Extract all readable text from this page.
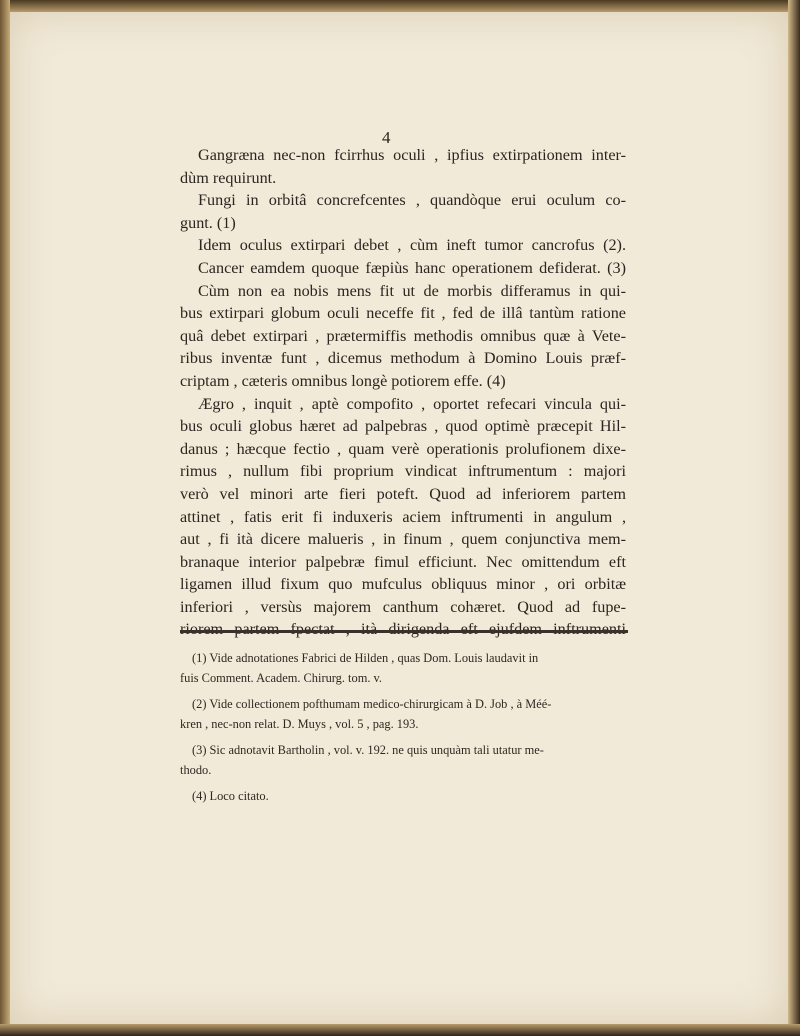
4
Gangræna nec-non fcirrhus oculi , ipfius extirpationem inter-
dùm requirunt.
Fungi in orbitâ concrefcentes , quandòque erui oculum co-
gunt. (1)
Idem oculus extirpari debet , cùm ineft tumor cancrofus (2).
Cancer eamdem quoque fæpiùs hanc operationem defiderat. (3)
Cùm non ea nobis mens fit ut de morbis differamus in qui-
bus extirpari globum oculi neceffe fit , fed de illâ tantùm ratione
quâ debet extirpari , prætermiffis methodis omnibus quæ à Vete-
ribus inventæ funt , dicemus methodum à Domino Louis præf-
criptam , cæteris omnibus longè potiorem effe. (4)
Ægro , inquit , aptè compofito , oportet refecari vincula qui-
bus oculi globus hæret ad palpebras , quod optimè præcepit Hil-
danus ; hæcque fectio , quam verè operationis prolufionem dixe-
rimus , nullum fibi proprium vindicat inftrumentum : majori
verò vel minori arte fieri poteft. Quod ad inferiorem partem
attinet , fatis erit fi induxeris aciem inftrumenti in angulum ,
aut , fi ità dicere malueris , in finum , quem conjunctiva mem-
branaque interior palpebræ fimul efficiunt. Nec omittendum eft
ligamen illud fixum quo mufculus obliquus minor , ori orbitæ
inferiori , versùs majorem canthum cohæret. Quod ad fupe-
(1) Vide adnotationes Fabrici de Hilden , quas Dom. Louis laudavit in
fuis Comment. Academ. Chirurg. tom. v.
(2) Vide collectionem pofthumam medico-chirurgicam à D. Job , à Méé-
kren , nec-non relat. D. Muys , vol. 5 , pag. 193.
(3) Sic adnotavit Bartholin , vol. v. 192. ne quis unquàm tali utatur me-
thodo.
(4) Loco citato.
